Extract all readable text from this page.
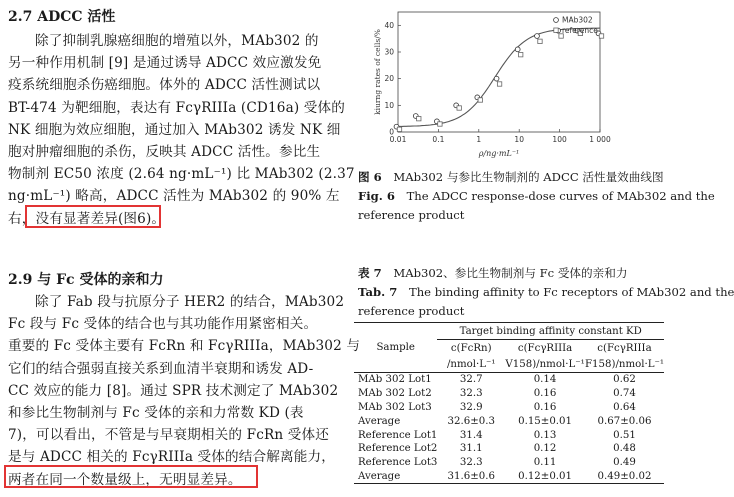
2.7 ADCC 活性
除了抑制乳腺癌细胞的增殖以外，MAb302 的
另一种作用机制 [9] 是通过诱导 ADCC 效应激发免
疫系统细胞杀伤癌细胞。体外的 ADCC 活性测试以
BT-474 为靶细胞，表达有 FcγRIIIa (CD16a) 受体的
NK 细胞为效应细胞，通过加入 MAb302 诱发 NK 细
胞对肿瘤细胞的杀伤，反映其 ADCC 活性。参比生
物制剂 EC50 浓度 (2.64 ng·mL⁻¹) 比 MAb302 (2.37
ng·mL⁻¹) 略高，ADCC 活性为 MAb302 的 90% 左
右，没有显著差异(图6)。
2.9 与 Fc 受体的亲和力
除了 Fab 段与抗原分子 HER2 的结合，MAb302
Fc 段与 Fc 受体的结合也与其功能作用紧密相关。
重要的 Fc 受体主要有 FcRn 和 FcγRIIIa，MAb302 与
它们的结合强弱直接关系到血清半衰期和诱发 AD-
CC 效应的能力 [8]。通过 SPR 技术测定了 MAb302
和参比生物制剂与 Fc 受体的亲和力常数 KD (表
7)，可以看出，不管是与早衰期相关的 FcRn 受体还
是与 ADCC 相关的 FcγRIIIa 受体的结合解离能力，
两者在同一个数量级上，无明显差异。
0.01	0.1	1	10	100	1 000
0
10
20
30
40
ρ/ng·mL⁻¹
kiurng rates of cells/%
MAb302
reference
图 6 MAb302 与参比生物制剂的 ADCC 活性量效曲线图
Fig. 6 The ADCC response-dose curves of MAb302 and the
reference product
表 7 MAb302、参比生物制剂与 Fc 受体的亲和力
Tab. 7 The binding affinity to Fc receptors of MAb302 and the
reference product
Sample	Target binding affinity constant KD		
	c(FcRn)	c(FcγRIIIa	c(FcγRIIIa
	/nmol·L⁻¹	V158)/nmol·L⁻¹	F158)/nmol·L⁻¹
MAb 302 Lot1	32.7	0.14	0.62
MAb 302 Lot2	32.3	0.16	0.74
MAb 302 Lot3	32.9	0.16	0.64
Average	32.6±0.3	0.15±0.01	0.67±0.06
Reference Lot1	31.4	0.13	0.51
Reference Lot2	31.1	0.12	0.48
Reference Lot3	32.3	0.11	0.49
Average	31.6±0.6	0.12±0.01	0.49±0.02
